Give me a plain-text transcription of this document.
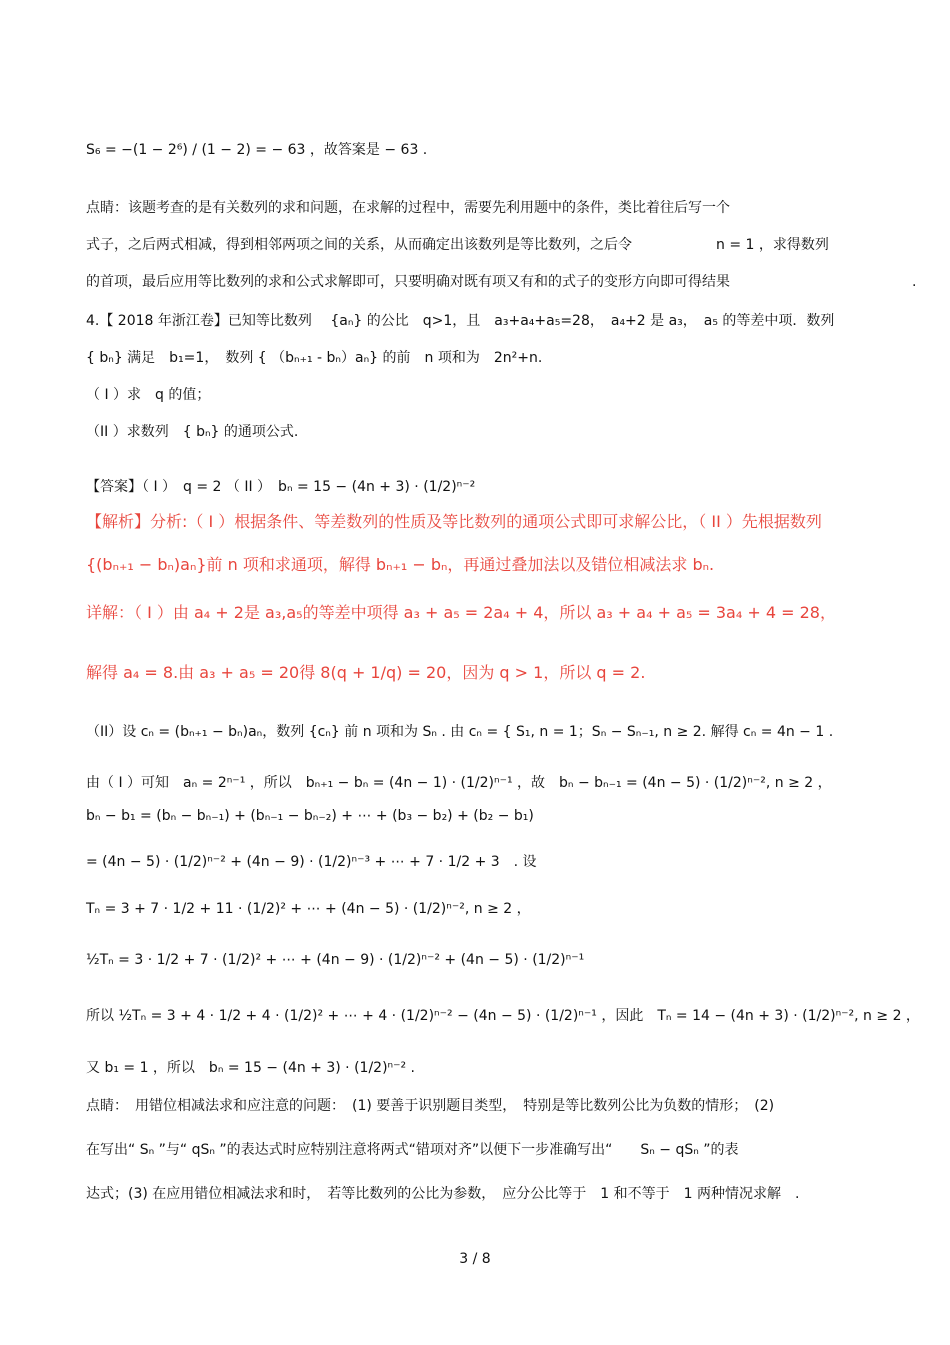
S₆ = −(1 − 2⁶) / (1 − 2) = − 63 ，故答案是 − 63 .
点睛：该题考查的是有关数列的求和问题，在求解的过程中，需要先利用题中的条件，类比着往后写一个
式子，之后两式相减，得到相邻两项之间的关系，从而确定出该数列是等比数列，之后令　　　　　　n = 1 ，求得数列
的首项，最后应用等比数列的求和公式求解即可，只要明确对既有项又有和的式子的变形方向即可得结果　　　　　　　　　　　　　.
4.【 2018 年浙江卷】已知等比数列　 {aₙ} 的公比　q>1，且　a₃+a₄+a₅=28，　a₄+2 是 a₃，　a₅ 的等差中项．数列
{ bₙ} 满足　b₁=1，　数列 { （bₙ₊₁ - bₙ）aₙ} 的前　n 项和为　2n²+n.
（ I ）求　q 的值；
（II ）求数列　{ bₙ} 的通项公式.
【答案】（ I ）　q = 2 （ II ）　bₙ = 15 − (4n + 3) · (1/2)ⁿ⁻²
【解析】分析:（ I ）根据条件、等差数列的性质及等比数列的通项公式即可求解公比，（ II ）先根据数列
{(bₙ₊₁ − bₙ)aₙ}前 n 项和求通项，解得 bₙ₊₁ − bₙ，再通过叠加法以及错位相减法求 bₙ.
详解：（ I ）由 a₄ + 2是 a₃,a₅的等差中项得 a₃ + a₅ = 2a₄ + 4，所以 a₃ + a₄ + a₅ = 3a₄ + 4 = 28，
解得 a₄ = 8.由 a₃ + a₅ = 20得 8(q + 1/q) = 20，因为 q > 1，所以 q = 2.
（II）设 cₙ = (bₙ₊₁ − bₙ)aₙ，数列 {cₙ} 前 n 项和为 Sₙ . 由 cₙ = { S₁, n = 1；Sₙ − Sₙ₋₁, n ≥ 2. 解得 cₙ = 4n − 1 .
由（ I ）可知　aₙ = 2ⁿ⁻¹ ，所以　bₙ₊₁ − bₙ = (4n − 1) · (1/2)ⁿ⁻¹ ，故　bₙ − bₙ₋₁ = (4n − 5) · (1/2)ⁿ⁻², n ≥ 2 ，
bₙ − b₁ = (bₙ − bₙ₋₁) + (bₙ₋₁ − bₙ₋₂) + ⋯ + (b₃ − b₂) + (b₂ − b₁)
= (4n − 5) · (1/2)ⁿ⁻² + (4n − 9) · (1/2)ⁿ⁻³ + ⋯ + 7 · 1/2 + 3　. 设
Tₙ = 3 + 7 · 1/2 + 11 · (1/2)² + ⋯ + (4n − 5) · (1/2)ⁿ⁻², n ≥ 2 ，
½Tₙ = 3 · 1/2 + 7 · (1/2)² + ⋯ + (4n − 9) · (1/2)ⁿ⁻² + (4n − 5) · (1/2)ⁿ⁻¹
所以 ½Tₙ = 3 + 4 · 1/2 + 4 · (1/2)² + ⋯ + 4 · (1/2)ⁿ⁻² − (4n − 5) · (1/2)ⁿ⁻¹ ，因此　Tₙ = 14 − (4n + 3) · (1/2)ⁿ⁻², n ≥ 2 ，
又 b₁ = 1 ，所以　bₙ = 15 − (4n + 3) · (1/2)ⁿ⁻² .
点睛：　用错位相减法求和应注意的问题：　(1) 要善于识别题目类型，　特别是等比数列公比为负数的情形；　(2)
在写出“ Sₙ ”与“ qSₙ ”的表达式时应特别注意将两式“错项对齐”以便下一步准确写出“　　Sₙ − qSₙ ”的表
达式；(3) 在应用错位相减法求和时，　若等比数列的公比为参数，　应分公比等于　1 和不等于　1 两种情况求解　.
3 / 8
